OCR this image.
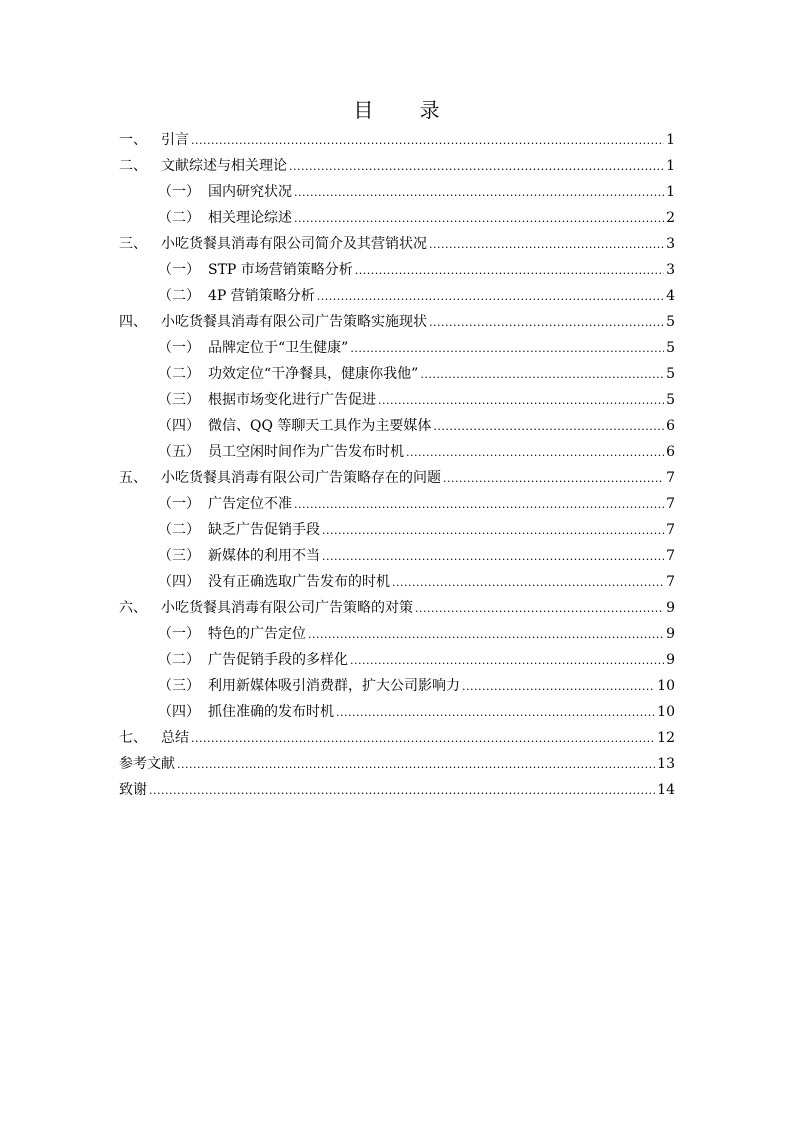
目 录
一、	引言 .....	1
二、	文献综述与相关理论 .....	1
（一） 国内研究状况 .....	1
（二） 相关理论综述 .....	2
三、	小吃货餐具消毒有限公司简介及其营销状况 .....	3
（一） STP 市场营销策略分析 .....	3
（二） 4P 营销策略分析 .....	4
四、	小吃货餐具消毒有限公司广告策略实施现状 .....	5
（一） 品牌定位于“卫生健康” .....	5
（二） 功效定位“干净餐具，健康你我他” .....	5
（三） 根据市场变化进行广告促进 .....	5
（四） 微信、QQ 等聊天工具作为主要媒体 .....	6
（五） 员工空闲时间作为广告发布时机 .....	6
五、	小吃货餐具消毒有限公司广告策略存在的问题 .....	7
（一） 广告定位不准 .....	7
（二） 缺乏广告促销手段 .....	7
（三） 新媒体的利用不当 .....	7
（四） 没有正确选取广告发布的时机 .....	7
六、	小吃货餐具消毒有限公司广告策略的对策 .....	9
（一） 特色的广告定位 .....	9
（二） 广告促销手段的多样化 .....	9
（三） 利用新媒体吸引消费群，扩大公司影响力 .....	10
（四） 抓住准确的发布时机 .....	10
七、	总结 .....	12
参考文献 .....	13
致谢 .....	14
